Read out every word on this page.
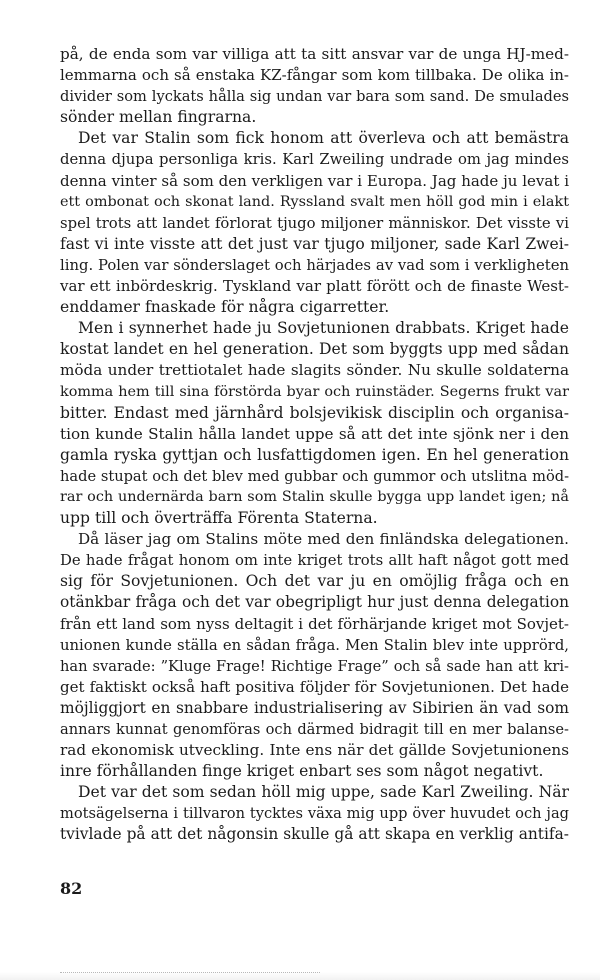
på, de enda som var villiga att ta sitt ansvar var de unga HJ-med-
lemmarna och så enstaka KZ-fångar som kom tillbaka. De olika in-
divider som lyckats hålla sig undan var bara som sand. De smulades
sönder mellan fingrarna.
Det var Stalin som fick honom att överleva och att bemästra
denna djupa personliga kris. Karl Zweiling undrade om jag mindes
denna vinter så som den verkligen var i Europa. Jag hade ju levat i
ett ombonat och skonat land. Ryssland svalt men höll god min i elakt
spel trots att landet förlorat tjugo miljoner människor. Det visste vi
fast vi inte visste att det just var tjugo miljoner, sade Karl Zwei-
ling. Polen var sönderslaget och härjades av vad som i verkligheten
var ett inbördeskrig. Tyskland var platt förött och de finaste West-
enddamer fnaskade för några cigarretter.
Men i synnerhet hade ju Sovjetunionen drabbats. Kriget hade
kostat landet en hel generation. Det som byggts upp med sådan
möda under trettiotalet hade slagits sönder. Nu skulle soldaterna
komma hem till sina förstörda byar och ruinstäder. Segerns frukt var
bitter. Endast med järnhård bolsjevikisk disciplin och organisa-
tion kunde Stalin hålla landet uppe så att det inte sjönk ner i den
gamla ryska gyttjan och lusfattigdomen igen. En hel generation
hade stupat och det blev med gubbar och gummor och utslitna möd-
rar och undernärda barn som Stalin skulle bygga upp landet igen; nå
upp till och överträffa Förenta Staterna.
Då läser jag om Stalins möte med den finländska delegationen.
De hade frågat honom om inte kriget trots allt haft något gott med
sig för Sovjetunionen. Och det var ju en omöjlig fråga och en
otänkbar fråga och det var obegripligt hur just denna delegation
från ett land som nyss deltagit i det förhärjande kriget mot Sovjet-
unionen kunde ställa en sådan fråga. Men Stalin blev inte upprörd,
han svarade: ”Kluge Frage! Richtige Frage” och så sade han att kri-
get faktiskt också haft positiva följder för Sovjetunionen. Det hade
möjliggjort en snabbare industrialisering av Sibirien än vad som
annars kunnat genomföras och därmed bidragit till en mer balanse-
rad ekonomisk utveckling. Inte ens när det gällde Sovjetunionens
inre förhållanden finge kriget enbart ses som något negativt.
Det var det som sedan höll mig uppe, sade Karl Zweiling. När
motsägelserna i tillvaron tycktes växa mig upp över huvudet och jag
tvivlade på att det någonsin skulle gå att skapa en verklig antifa-
82
